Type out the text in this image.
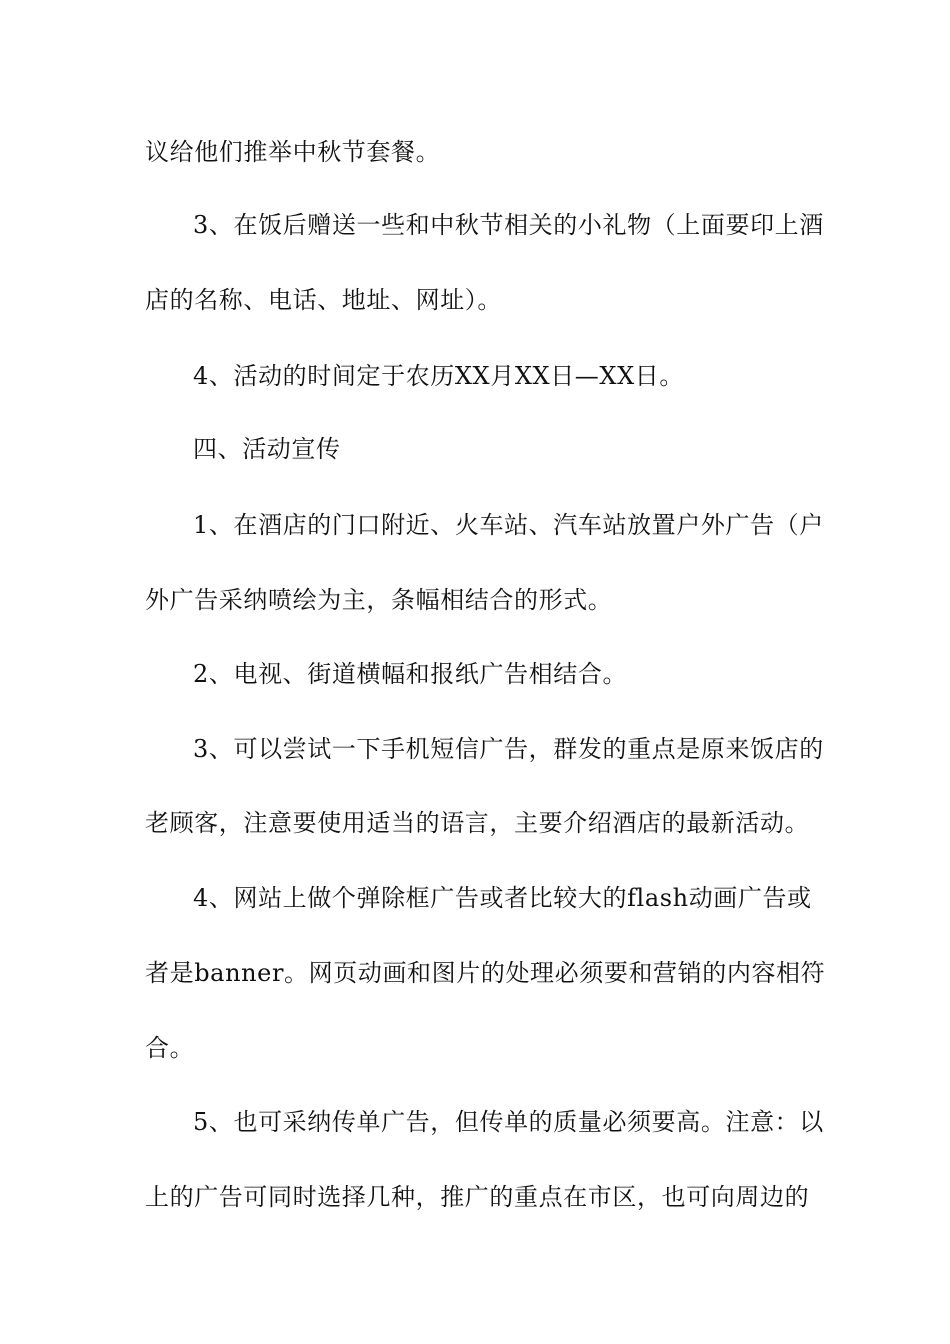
议给他们推举中秋节套餐。
3、在饭后赠送一些和中秋节相关的小礼物（上面要印上酒
店的名称、电话、地址、网址）。
4、活动的时间定于农历XX月XX日—XX日。
四、活动宣传
1、在酒店的门口附近、火车站、汽车站放置户外广告（户
外广告采纳喷绘为主，条幅相结合的形式。
2、电视、街道横幅和报纸广告相结合。
3、可以尝试一下手机短信广告，群发的重点是原来饭店的
老顾客，注意要使用适当的语言，主要介绍酒店的最新活动。
4、网站上做个弹除框广告或者比较大的flash动画广告或
者是banner。网页动画和图片的处理必须要和营销的内容相符
合。
5、也可采纳传单广告，但传单的质量必须要高。注意：以
上的广告可同时选择几种，推广的重点在市区，也可向周边的
